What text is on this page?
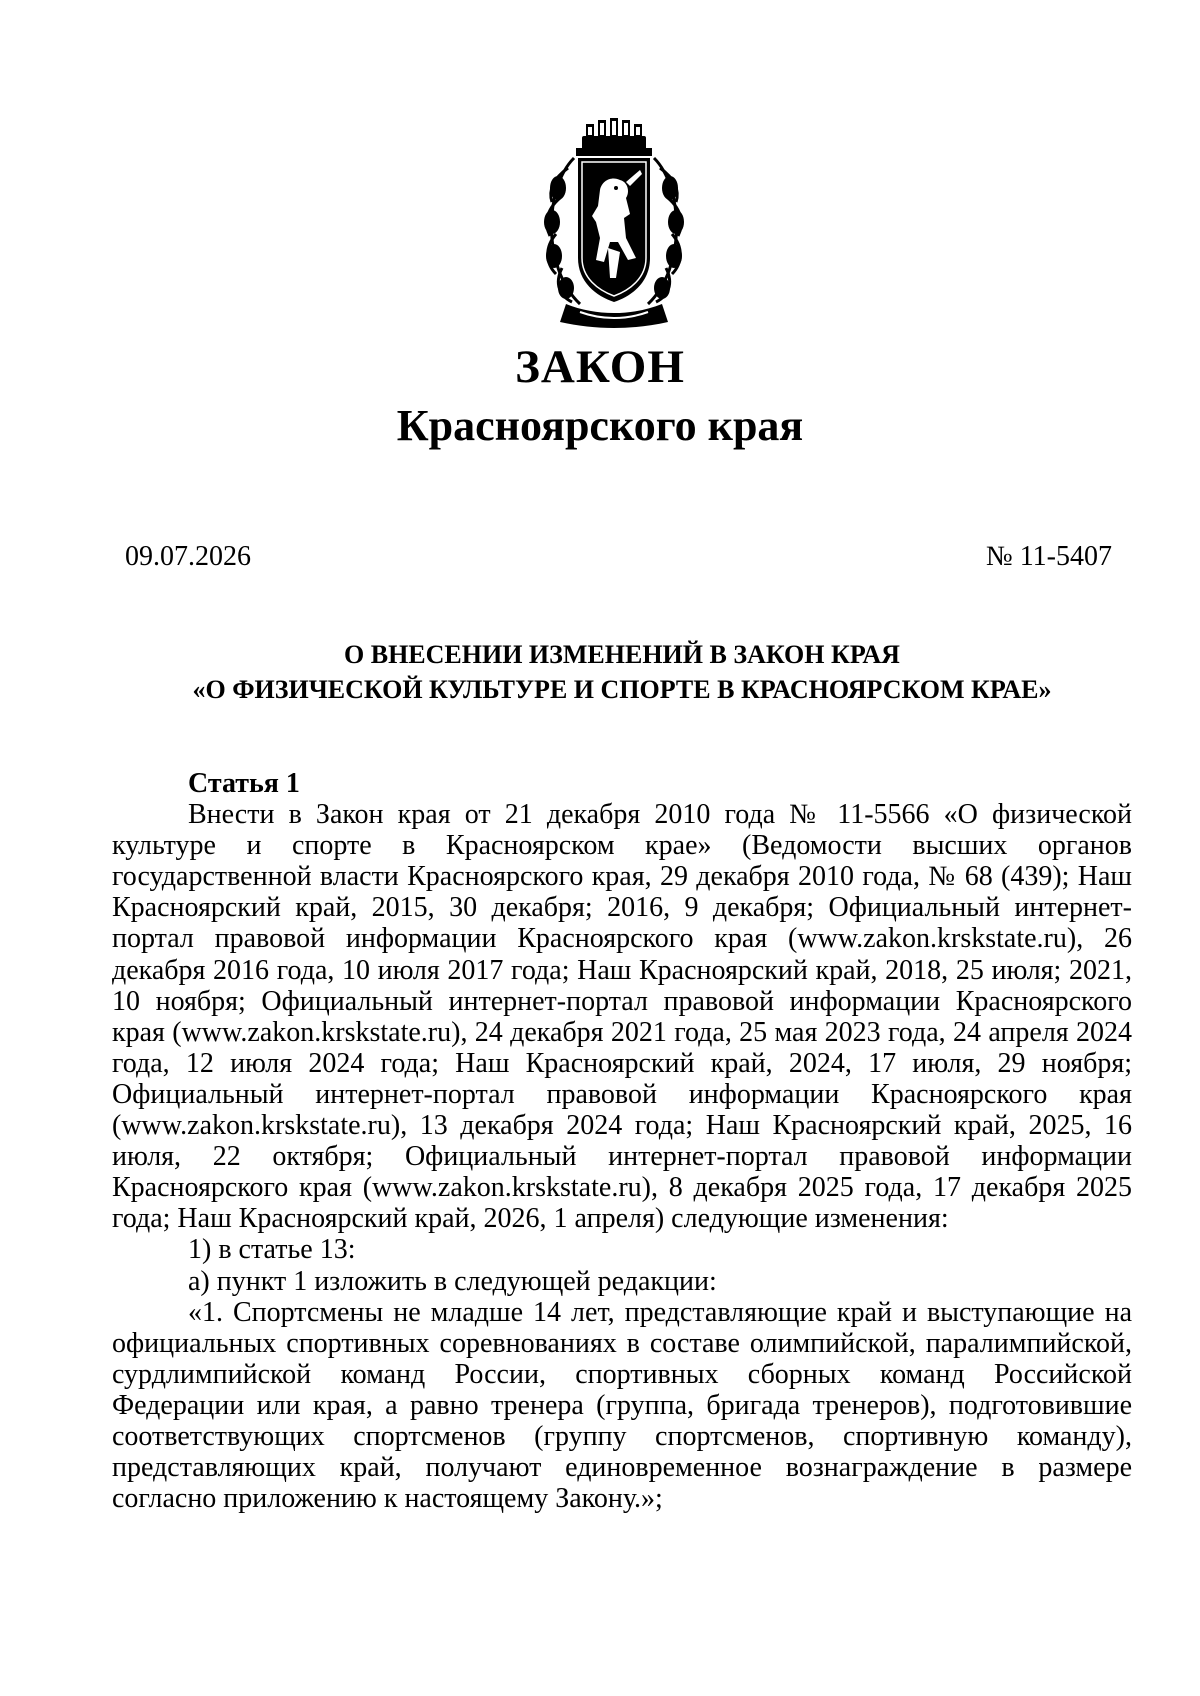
ЗАКОН
Красноярского края
09.07.2026	№ 11-5407
О ВНЕСЕНИИ ИЗМЕНЕНИЙ В ЗАКОН КРАЯ
«О ФИЗИЧЕСКОЙ КУЛЬТУРЕ И СПОРТЕ В КРАСНОЯРСКОМ КРАЕ»

Статья 1

Внести в Закон края от 21 декабря 2010 года № 11-5566 «О физической культуре и спорте в Красноярском крае» (Ведомости высших органов государственной власти Красноярского края, 29 декабря 2010 года, № 68 (439); Наш Красноярский край, 2015, 30 декабря; 2016, 9 декабря; Официальный интернет-портал правовой информации Красноярского края (www.zakon.krskstate.ru), 26 декабря 2016 года, 10 июля 2017 года; Наш Красноярский край, 2018, 25 июля; 2021, 10 ноября; Официальный интернет-портал правовой информации Красноярского края (www.zakon.krskstate.ru), 24 декабря 2021 года, 25 мая 2023 года, 24 апреля 2024 года, 12 июля 2024 года; Наш Красноярский край, 2024, 17 июля, 29 ноября; Официальный интернет-портал правовой информации Красноярского края (www.zakon.krskstate.ru), 13 декабря 2024 года; Наш Красноярский край, 2025, 16 июля, 22 октября; Официальный интернет-портал правовой информации Красноярского края (www.zakon.krskstate.ru), 8 декабря 2025 года, 17 декабря 2025 года; Наш Красноярский край, 2026, 1 апреля) следующие изменения:

1) в статье 13:

а) пункт 1 изложить в следующей редакции:

«1. Спортсмены не младше 14 лет, представляющие край и выступающие на официальных спортивных соревнованиях в составе олимпийской, паралимпийской, сурдлимпийской команд России, спортивных сборных команд Российской Федерации или края, а равно тренера (группа, бригада тренеров), подготовившие соответствующих спортсменов (группу спортсменов, спортивную команду), представляющих край, получают единовременное вознаграждение в размере согласно приложению к настоящему Закону.»;
